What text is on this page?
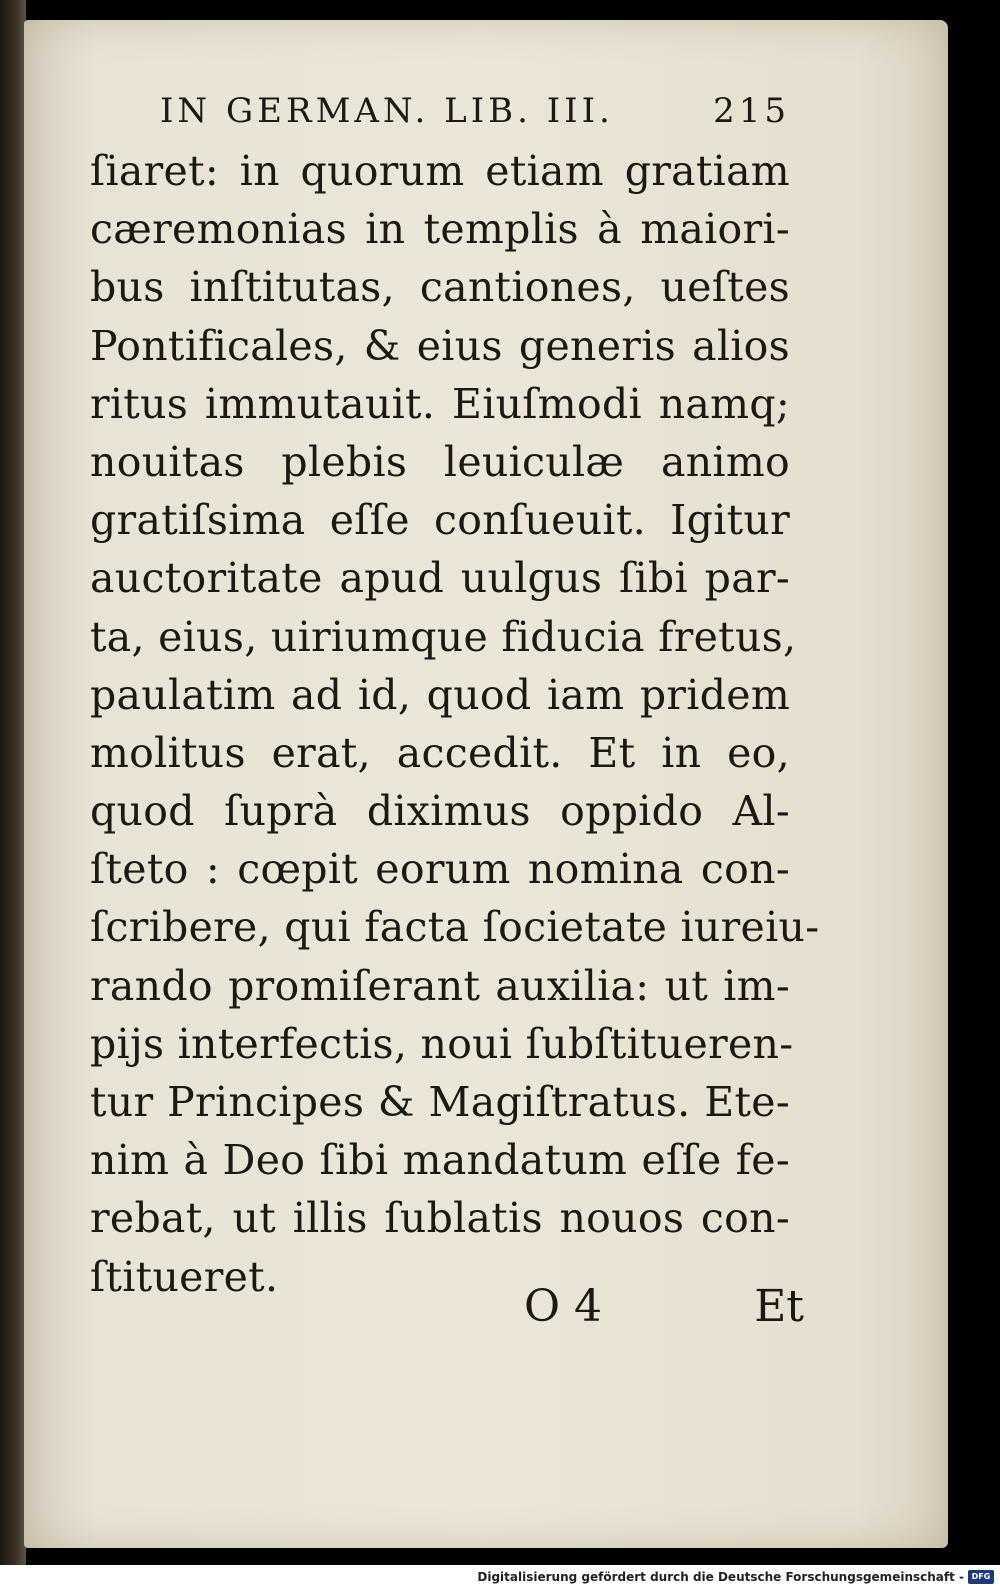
IN GERMAN. LIB. III.	215
ſiaret: in quorum etiam gratiam
cæremonias in templis à maiori-
bus inſtitutas, cantiones, ueſtes
Pontificales, & eius generis alios
ritus immutauit. Eiuſmodi namq;
nouitas plebis leuiculæ animo
gratiſsima eſſe conſueuit. Igitur
auctoritate apud uulgus ſibi par-
ta, eius, uiriumque fiducia fretus,
paulatim ad id, quod iam pridem
molitus erat, accedit. Et in eo,
quod ſuprà diximus oppido Al-
ſteto : cœpit eorum nomina con-
ſcribere, qui facta ſocietate iureiu-
rando promiſerant auxilia: ut im-
pijs interfectis, noui ſubſtitueren-
tur Principes & Magiſtratus. Ete-
nim à Deo ſibi mandatum eſſe fe-
rebat, ut illis ſublatis nouos con-
ſtitueret.
O 4	Et
Digitalisierung gefördert durch die Deutsche Forschungsgemeinschaft - DFG
